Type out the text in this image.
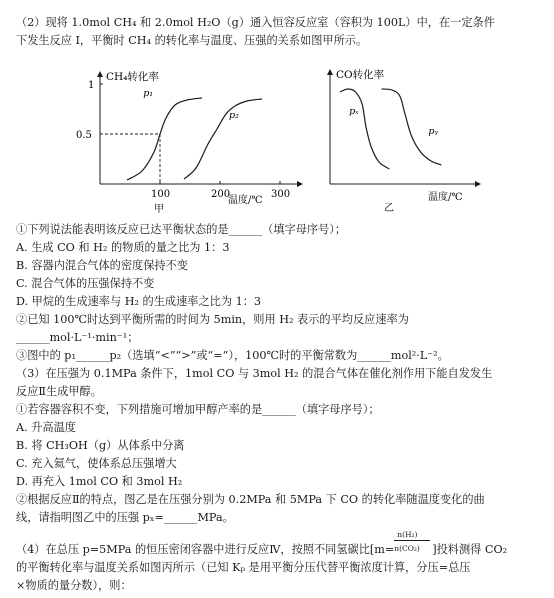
（2）现将 1.0mol CH₄ 和 2.0mol H₂O（g）通入恒容反应室（容积为 100L）中，在一定条件
下发生反应 I，平衡时 CH₄ 的转化率与温度、压强的关系如图甲所示。
100	200	300
1
0.5
p₁
p₂
CH₄转化率
温度/℃
甲
pₓ
pᵧ
CO转化率
温度/℃
乙
①下列说法能表明该反应已达平衡状态的是______（填字母序号）；
A. 生成 CO 和 H₂ 的物质的量之比为 1：3
B. 容器内混合气体的密度保持不变
C. 混合气体的压强保持不变
D. 甲烷的生成速率与 H₂ 的生成速率之比为 1：3
②已知 100℃时达到平衡所需的时间为 5min，则用 H₂ 表示的平均反应速率为
______mol·L⁻¹·min⁻¹；
③图中的 p₁______p₂（选填“<”“>”或“=”），100℃时的平衡常数为______mol²·L⁻²。
（3）在压强为 0.1MPa 条件下，1mol CO 与 3mol H₂ 的混合气体在催化剂作用下能自发发生
反应Ⅱ生成甲醇。
①若容器容积不变，下列措施可增加甲醇产率的是______（填字母序号）；
A. 升高温度
B. 将 CH₃OH（g）从体系中分离
C. 充入氦气，使体系总压强增大
D. 再充入 1mol CO 和 3mol H₂
②根据反应Ⅱ的特点，图乙是在压强分别为 0.2MPa 和 5MPa 下 CO 的转化率随温度变化的曲
线，请指明图乙中的压强 pₓ=______MPa。
（4）在总压 p=5MPa 的恒压密闭容器中进行反应Ⅳ，按照不同氢碳比[$m= \frac{\text{n(H₂)}}{\text{n(CO₂)}}$ ]投料测得 CO₂
的平衡转化率与温度关系如图丙所示（已知 Kₚ 是用平衡分压代替平衡浓度计算，分压=总压
×物质的量分数），则：
